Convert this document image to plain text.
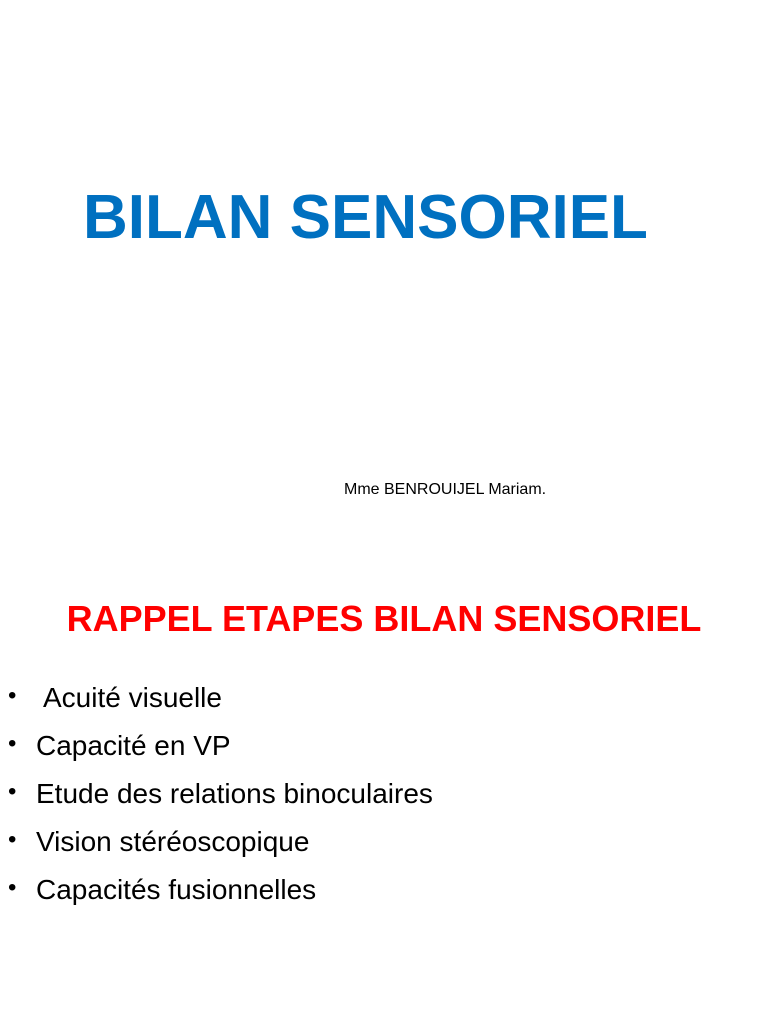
BILAN SENSORIEL

Mme BENROUIJEL Mariam.

RAPPEL ETAPES BILAN SENSORIEL
• Acuité visuelle
• Capacité en VP
• Etude des relations binoculaires
• Vision stéréoscopique
• Capacités fusionnelles
